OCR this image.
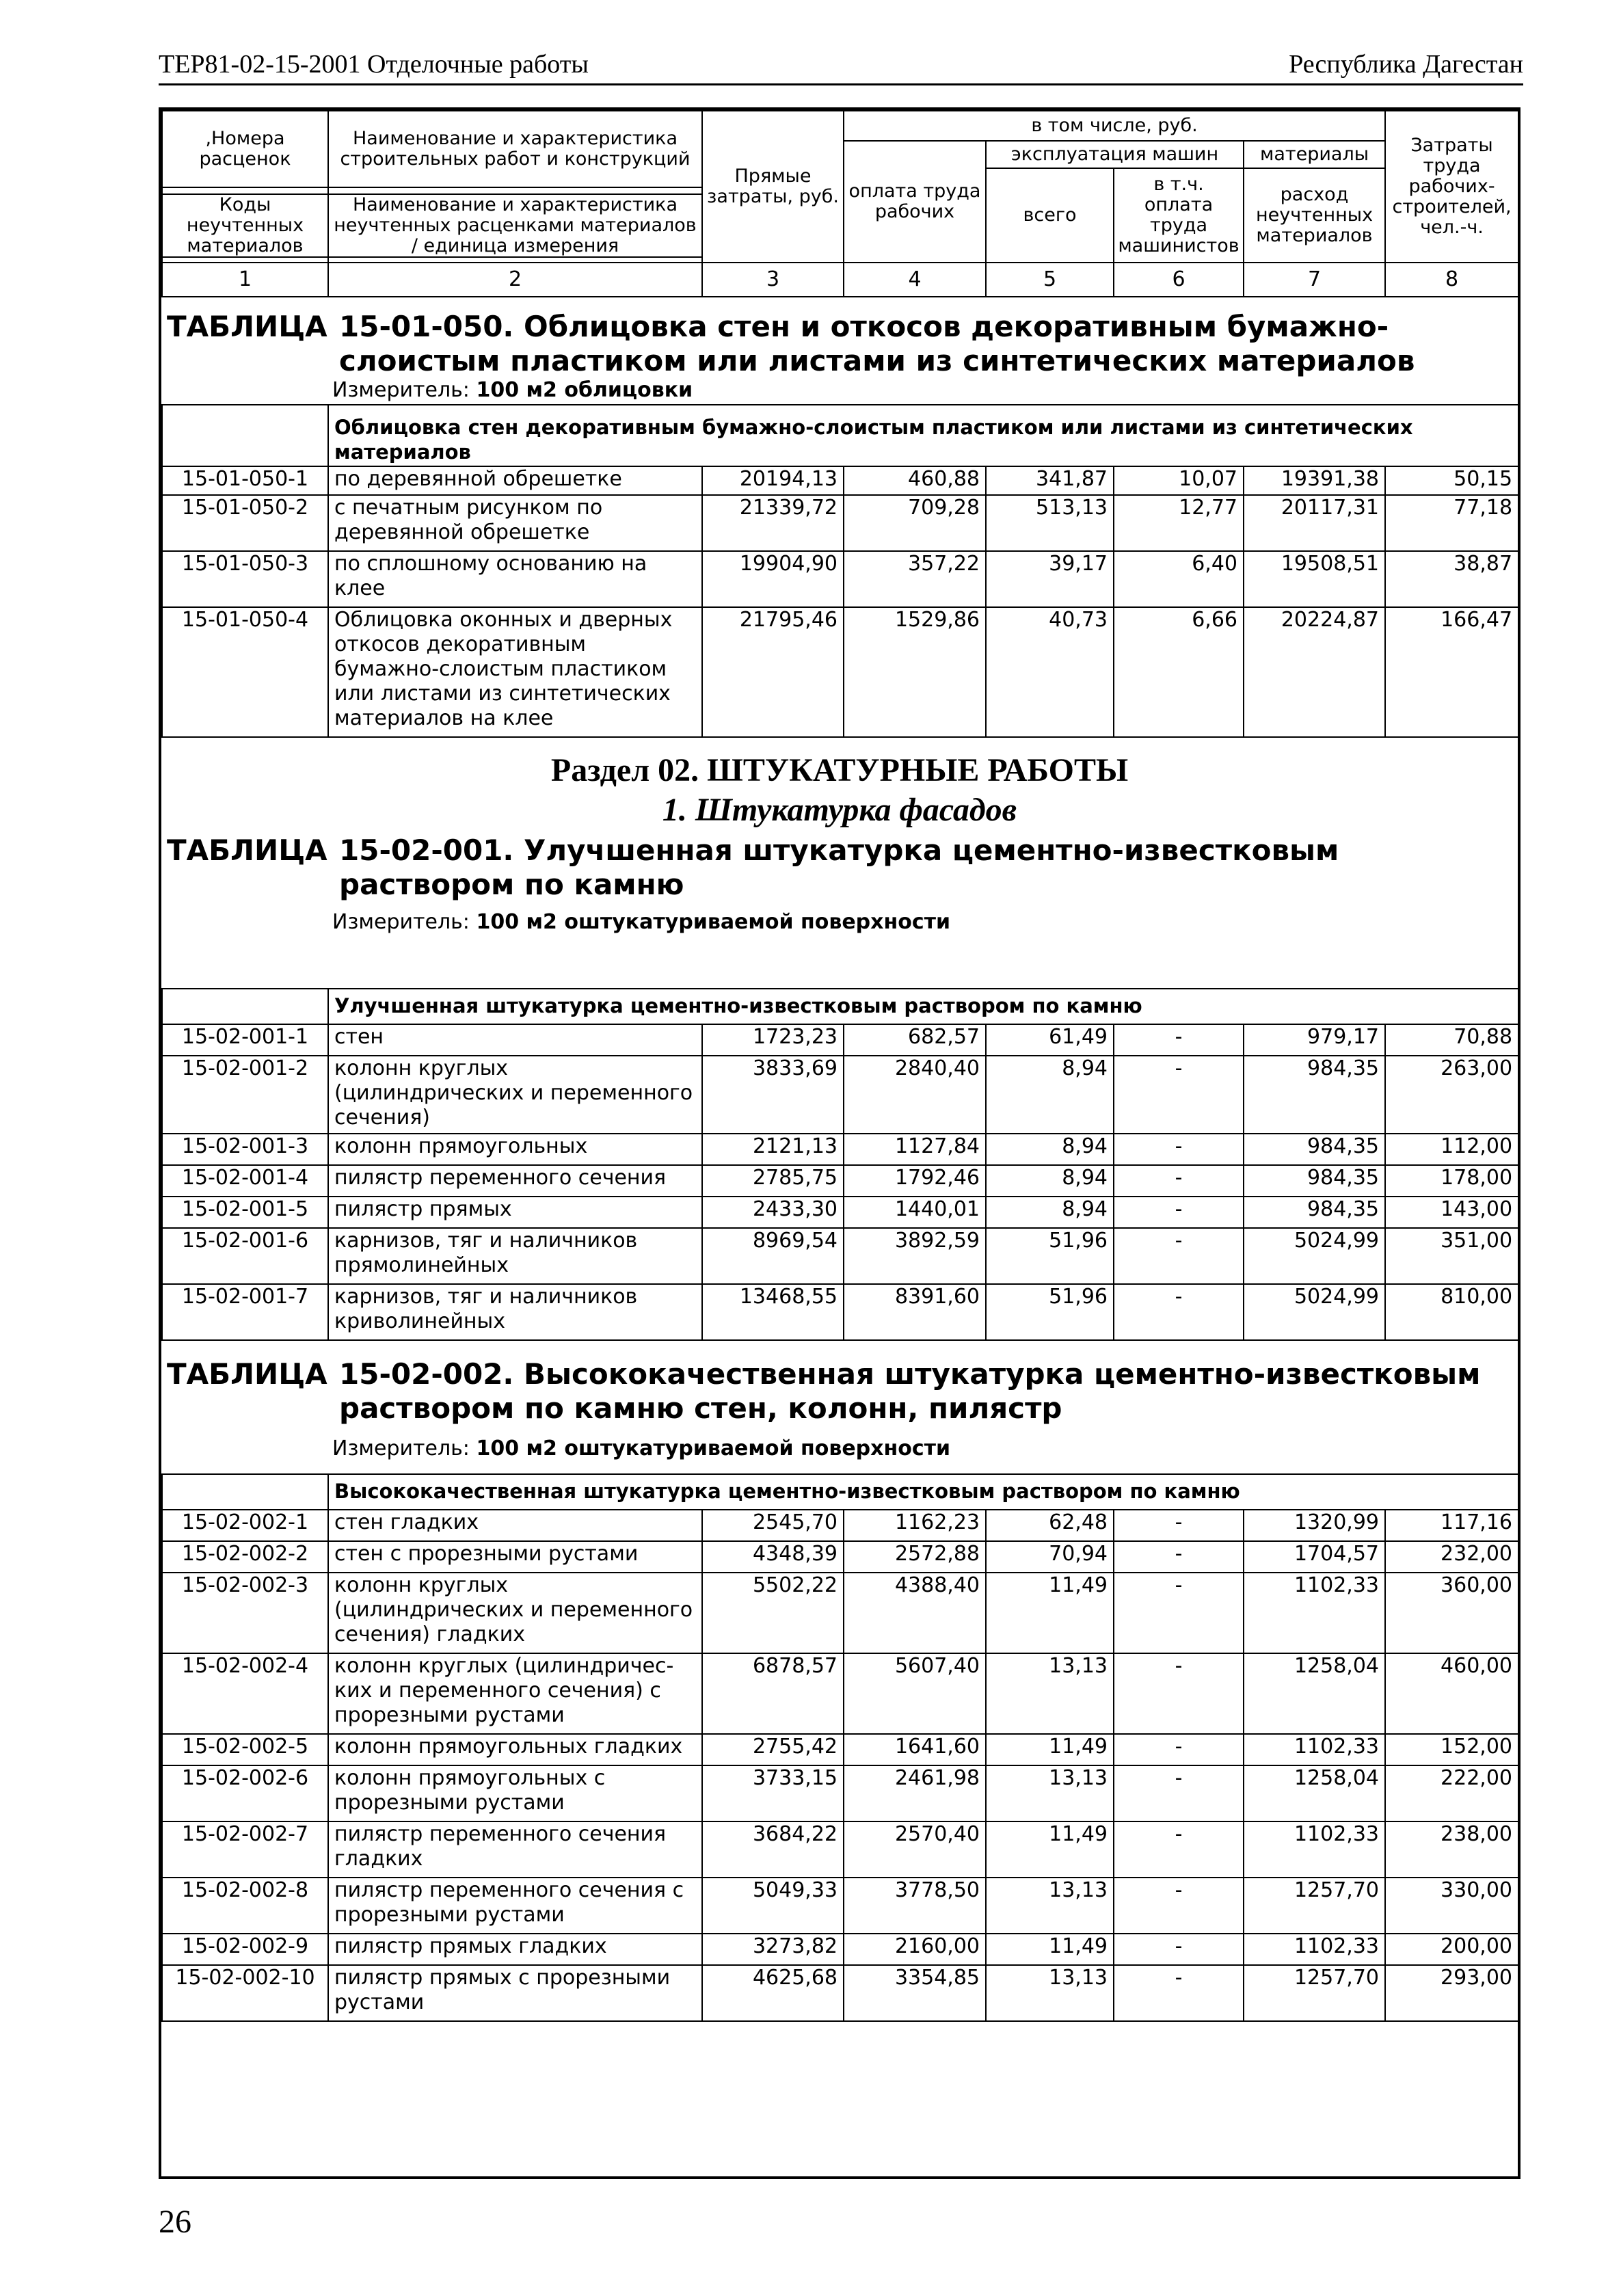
ТЕР81-02-15-2001 Отделочные работы	Республика Дагестан
,Номера расценок	Наименование и характеристика строительных работ и конструкций	Прямые затраты, руб.	в том числе, руб.				Затраты труда рабочих-строителей, чел.-ч.
			оплата труда рабочих	эксплуатация машин		материалы	
				всего	в т.ч. оплата труда машинистов	расход неучтенных материалов	

Коды неучтенных материалов	Наименование и характеристика неучтенных расценками материалов / единица измерения						

1	2	3	4	5	6	7	8
ТАБЛИЦА 15-01-050. Облицовка стен и откосов декоративным бумажно-слоистым пластиком или листами из синтетических материалов
Измеритель: 100 м2 облицовки
	Облицовка стен декоративным бумажно-слоистым пластиком или листами из синтетических материалов						
15-01-050-1	по деревянной обрешетке	20194,13	460,88	341,87	10,07	19391,38	50,15
15-01-050-2	с печатным рисунком по деревянной обрешетке	21339,72	709,28	513,13	12,77	20117,31	77,18
15-01-050-3	по сплошному основанию на клее	19904,90	357,22	39,17	6,40	19508,51	38,87
15-01-050-4	Облицовка оконных и дверных откосов декоративным бумажно-слоистым пластиком или листами из синтетических материалов на клее	21795,46	1529,86	40,73	6,66	20224,87	166,47
Раздел 02. ШТУКАТУРНЫЕ РАБОТЫ
1. Штукатурка фасадов
ТАБЛИЦА 15-02-001. Улучшенная штукатурка цементно-известковым раствором по камню
Измеритель: 100 м2 оштукатуриваемой поверхности
	Улучшенная штукатурка цементно-известковым раствором по камню						
15-02-001-1	стен	1723,23	682,57	61,49	-	979,17	70,88
15-02-001-2	колонн круглых (цилиндрических и переменного сечения)	3833,69	2840,40	8,94	-	984,35	263,00
15-02-001-3	колонн прямоугольных	2121,13	1127,84	8,94	-	984,35	112,00
15-02-001-4	пилястр переменного сечения	2785,75	1792,46	8,94	-	984,35	178,00
15-02-001-5	пилястр прямых	2433,30	1440,01	8,94	-	984,35	143,00
15-02-001-6	карнизов, тяг и наличников прямолинейных	8969,54	3892,59	51,96	-	5024,99	351,00
15-02-001-7	карнизов, тяг и наличников криволинейных	13468,55	8391,60	51,96	-	5024,99	810,00
ТАБЛИЦА 15-02-002. Высококачественная штукатурка цементно-известковым раствором по камню стен, колонн, пилястр
Измеритель: 100 м2 оштукатуриваемой поверхности
	Высококачественная штукатурка цементно-известковым раствором по камню						
15-02-002-1	стен гладких	2545,70	1162,23	62,48	-	1320,99	117,16
15-02-002-2	стен с прорезными рустами	4348,39	2572,88	70,94	-	1704,57	232,00
15-02-002-3	колонн круглых (цилиндрических и переменного сечения) гладких	5502,22	4388,40	11,49	-	1102,33	360,00
15-02-002-4	колонн круглых (цилиндричес-ких и переменного сечения) с прорезными рустами	6878,57	5607,40	13,13	-	1258,04	460,00
15-02-002-5	колонн прямоугольных гладких	2755,42	1641,60	11,49	-	1102,33	152,00
15-02-002-6	колонн прямоугольных с прорезными рустами	3733,15	2461,98	13,13	-	1258,04	222,00
15-02-002-7	пилястр переменного сечения гладких	3684,22	2570,40	11,49	-	1102,33	238,00
15-02-002-8	пилястр переменного сечения с прорезными рустами	5049,33	3778,50	13,13	-	1257,70	330,00
15-02-002-9	пилястр прямых гладких	3273,82	2160,00	11,49	-	1102,33	200,00
15-02-002-10	пилястр прямых с прорезными рустами	4625,68	3354,85	13,13	-	1257,70	293,00
26
